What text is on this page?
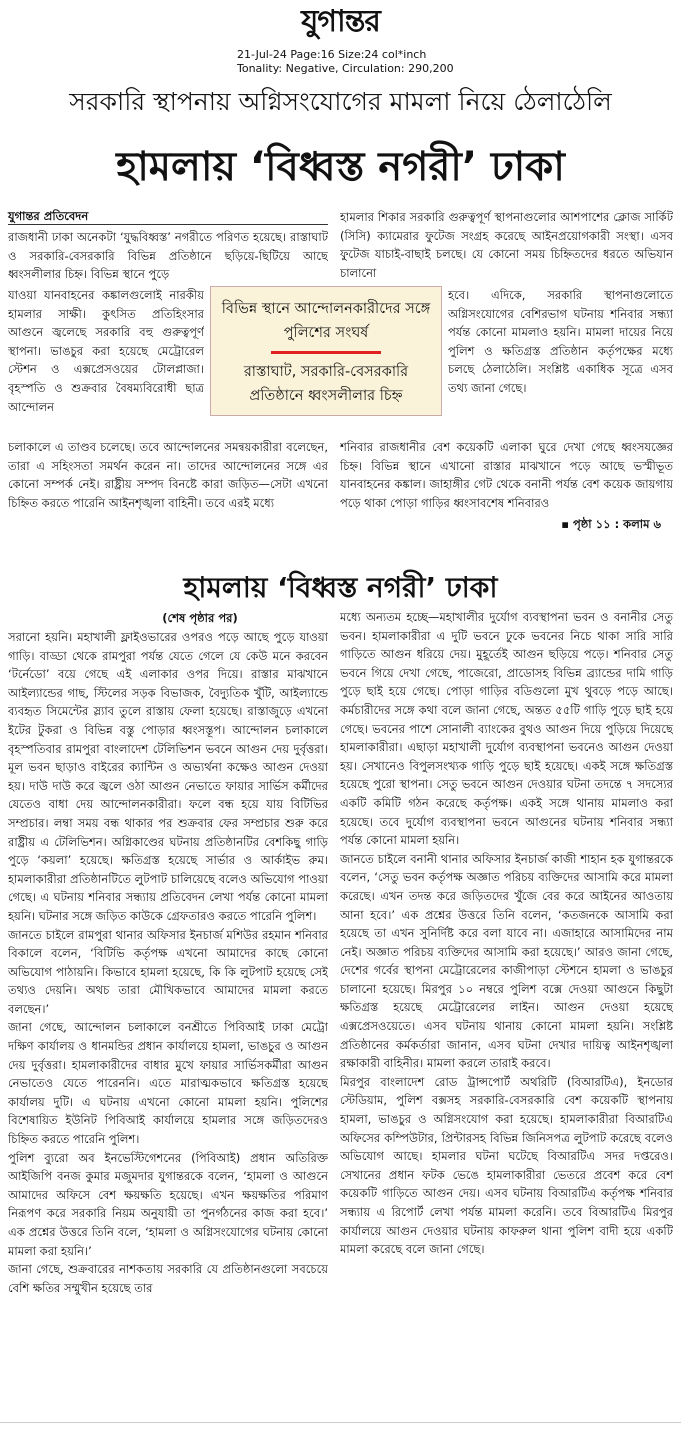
যুগান্তর
21-Jul-24 Page:16 Size:24 col*inch
Tonality: Negative, Circulation: 290,200
সরকারি স্থাপনায় অগ্নিসংযোগের মামলা নিয়ে ঠেলাঠেলি
হামলায় ‘বিধ্বস্ত নগরী’ ঢাকা
যুগান্তর প্রতিবেদন

রাজধানী ঢাকা অনেকটা ‘যুদ্ধবিধ্বস্ত’ নগরীতে পরিণত হয়েছে। রাস্তাঘাট ও সরকারি-বেসরকারি বিভিন্ন প্রতিষ্ঠানে ছড়িয়ে-ছিটিয়ে আছে ধ্বংসলীলার চিহ্ন। বিভিন্ন স্থানে পুড়ে

যাওয়া যানবাহনের কঙ্কালগুলোই নারকীয় হামলার সাক্ষী। কুৎসিত প্রতিহিংসার আগুনে জ্বলেছে সরকারি বহু গুরুত্বপূর্ণ স্থাপনা। ভাঙচুর করা হয়েছে মেট্রোরেল স্টেশন ও এক্সপ্রেসওয়ের টোলপ্লাজা। বৃহস্পতি ও শুক্রবার বৈষম্যবিরোধী ছাত্র আন্দোলন

চলাকালে এ তাণ্ডব চলেছে। তবে আন্দোলনের সমন্বয়কারীরা বলেছেন, তারা এ সহিংসতা সমর্থন করেন না। তাদের আন্দোলনের সঙ্গে এর কোনো সম্পর্ক নেই। রাষ্ট্রীয় সম্পদ বিনষ্টে কারা জড়িত—সেটা এখনো চিহ্নিত করতে পারেনি আইনশৃঙ্খলা বাহিনী। তবে এরই মধ্যে

বিভিন্ন স্থানে আন্দোলনকারীদের সঙ্গে পুলিশের সংঘর্ষ

রাস্তাঘাট, সরকারি-বেসরকারি প্রতিষ্ঠানে ধ্বংসলীলার চিহ্ন

হামলার শিকার সরকারি গুরুত্বপূর্ণ স্থাপনাগুলোর আশপাশের ক্লোজ সার্কিট (সিসি) ক্যামেরার ফুটেজ সংগ্রহ করেছে আইনপ্রয়োগকারী সংস্থা। এসব ফুটেজ যাচাই-বাছাই চলছে। যে কোনো সময় চিহ্নিতদের ধরতে অভিযান চালানো

হবে। এদিকে, সরকারি স্থাপনাগুলোতে অগ্নিসংযোগের বেশিরভাগ ঘটনায় শনিবার সন্ধ্যা পর্যন্ত কোনো মামলাও হয়নি। মামলা দায়ের নিয়ে পুলিশ ও ক্ষতিগ্রস্ত প্রতিষ্ঠান কর্তৃপক্ষের মধ্যে চলছে ঠেলাঠেলি। সংশ্লিষ্ট একাধিক সূত্রে এসব তথ্য জানা গেছে।

শনিবার রাজধানীর বেশ কয়েকটি এলাকা ঘুরে দেখা গেছে ধ্বংসযজ্ঞের চিহ্ন। বিভিন্ন স্থানে এখানো রাস্তার মাঝখানে পড়ে আছে ভস্মীভূত যানবাহনের কঙ্কাল। জাহাঙ্গীর গেট থেকে বনানী পর্যন্ত বেশ কয়েক জায়গায় পড়ে থাকা পোড়া গাড়ির ধ্বংসাবশেষ শনিবারও

▪ পৃষ্ঠা ১১ : কলাম ৬
হামলায় ‘বিধ্বস্ত নগরী’ ঢাকা
(শেষ পৃষ্ঠার পর)

সরানো হয়নি। মহাখালী ফ্লাইওভারের ওপরও পড়ে আছে পুড়ে যাওয়া গাড়ি। বাড্ডা থেকে রামপুরা পর্যন্ত যেতে গেলে যে কেউ মনে করবেন ‘টর্নেডো’ বয়ে গেছে এই এলাকার ওপর দিয়ে। রাস্তার মাঝখানে আইল্যান্ডের গাছ, স্টিলের সড়ক বিভাজক, বৈদ্যুতিক খুঁটি, আইল্যান্ডে ব্যবহৃত সিমেন্টের স্ল্যাব তুলে রাস্তায় ফেলা হয়েছে। রাস্তাজুড়ে এখনো ইটের টুকরা ও বিভিন্ন বস্তু পোড়ার ধ্বংসস্তূপ। আন্দোলন চলাকালে বৃহস্পতিবার রামপুরা বাংলাদেশ টেলিভিশন ভবনে আগুন দেয় দুর্বৃত্তরা। মূল ভবন ছাড়াও বাইরের ক্যান্টিন ও অভ্যর্থনা কক্ষেও আগুন দেওয়া হয়। দাউ দাউ করে জ্বলে ওঠা আগুন নেভাতে ফায়ার সার্ভিস কর্মীদের যেতেও বাধা দেয় আন্দোলনকারীরা। ফলে বন্ধ হয়ে যায় বিটিভির সম্প্রচার। লম্বা সময় বন্ধ থাকার পর শুক্রবার ফের সম্প্রচার শুরু করে রাষ্ট্রীয় এ টেলিভিশন। অগ্নিকাণ্ডের ঘটনায় প্রতিষ্ঠানটির বেশকিছু গাড়ি পুড়ে ‘কয়লা’ হয়েছে। ক্ষতিগ্রস্ত হয়েছে সার্ভার ও আর্কাইভ রুম। হামলাকারীরা প্রতিষ্ঠানটিতে লুটপাট চালিয়েছে বলেও অভিযোগ পাওয়া গেছে। এ ঘটনায় শনিবার সন্ধ্যায় প্রতিবেদন লেখা পর্যন্ত কোনো মামলা হয়নি। ঘটনার সঙ্গে জড়িত কাউকে গ্রেফতারও করতে পারেনি পুলিশ।

জানতে চাইলে রামপুরা থানার অফিসার ইনচার্জ মশিউর রহমান শনিবার বিকালে বলেন, ‘বিটিভি কর্তৃপক্ষ এখনো আমাদের কাছে কোনো অভিযোগ পাঠায়নি। কিভাবে হামলা হয়েছে, কি কি লুটপাট হয়েছে সেই তথ্যও দেয়নি। অথচ তারা মৌখিকভাবে আমাদের মামলা করতে বলছেন।’

জানা গেছে, আন্দোলন চলাকালে বনশ্রীতে পিবিআই ঢাকা মেট্রো দক্ষিণ কার্যালয় ও ধানমন্ডির প্রধান কার্যালয়ে হামলা, ভাঙচুর ও আগুন দেয় দুর্বৃত্তরা। হামলাকারীদের বাধার মুখে ফায়ার সার্ভিসকর্মীরা আগুন নেভাতেও যেতে পারেননি। এতে মারাত্মকভাবে ক্ষতিগ্রস্ত হয়েছে কার্যালয় দুটি। এ ঘটনায় এখনো কোনো মামলা হয়নি। পুলিশের বিশেষায়িত ইউনিট পিবিআই কার্যালয়ে হামলার সঙ্গে জড়িতদেরও চিহ্নিত করতে পারেনি পুলিশ।

পুলিশ ব্যুরো অব ইনভেস্টিগেশনের (পিবিআই) প্রধান অতিরিক্ত আইজিপি বনজ কুমার মজুমদার যুগান্তরকে বলেন, ‘হামলা ও আগুনে আমাদের অফিসে বেশ ক্ষয়ক্ষতি হয়েছে। এখন ক্ষয়ক্ষতির পরিমাণ নিরূপণ করে সরকারি নিয়ম অনুযায়ী তা পুনর্গঠনের কাজ করা হবে।’ এক প্রশ্নের উত্তরে তিনি বলে, ‘হামলা ও অগ্নিসংযোগের ঘটনায় কোনো মামলা করা হয়নি।’

জানা গেছে, শুক্রবারের নাশকতায় সরকারি যে প্রতিষ্ঠানগুলো সবচেয়ে বেশি ক্ষতির সম্মুখীন হয়েছে তার

মধ্যে অন্যতম হচ্ছে—মহাখালীর দুর্যোগ ব্যবস্থাপনা ভবন ও বনানীর সেতু ভবন। হামলাকারীরা এ দুটি ভবনে ঢুকে ভবনের নিচে থাকা সারি সারি গাড়িতে আগুন ধরিয়ে দেয়। মুহূর্তেই আগুন ছড়িয়ে পড়ে। শনিবার সেতু ভবনে গিয়ে দেখা গেছে, পাজেরো, প্রাডোসহ বিভিন্ন ব্র্যান্ডের দামি গাড়ি পুড়ে ছাই হয়ে গেছে। পোড়া গাড়ির বডিগুলো মুখ থুবড়ে পড়ে আছে। কর্মচারীদের সঙ্গে কথা বলে জানা গেছে, অন্তত ৫৫টি গাড়ি পুড়ে ছাই হয়ে গেছে। ভবনের পাশে সোনালী ব্যাংকের বুথও আগুন দিয়ে পুড়িয়ে দিয়েছে হামলাকারীরা। এছাড়া মহাখালী দুর্যোগ ব্যবস্থাপনা ভবনেও আগুন দেওয়া হয়। সেখানেও বিপুলসংখ্যক গাড়ি পুড়ে ছাই হয়েছে। একই সঙ্গে ক্ষতিগ্রস্ত হয়েছে পুরো স্থাপনা। সেতু ভবনে আগুন দেওয়ার ঘটনা তদন্তে ৭ সদস্যের একটি কমিটি গঠন করেছে কর্তৃপক্ষ। একই সঙ্গে থানায় মামলাও করা হয়েছে। তবে দুর্যোগ ব্যবস্থাপনা ভবনে আগুনের ঘটনায় শনিবার সন্ধ্যা পর্যন্ত কোনো মামলা হয়নি।

জানতে চাইলে বনানী থানার অফিসার ইনচার্জ কাজী শাহান হক যুগান্তরকে বলেন, ‘সেতু ভবন কর্তৃপক্ষ অজ্ঞাত পরিচয় ব্যক্তিদের আসামি করে মামলা করেছে। এখন তদন্ত করে জড়িতদের খুঁজে বের করে আইনের আওতায় আনা হবে।’ এক প্রশ্নের উত্তরে তিনি বলেন, ‘কতজনকে আসামি করা হয়েছে তা এখন সুনির্দিষ্ট করে বলা যাবে না। এজাহারে আসামিদের নাম নেই। অজ্ঞাত পরিচয় ব্যক্তিদের আসামি করা হয়েছে।’ আরও জানা গেছে, দেশের গর্বের স্থাপনা মেট্রোরেলের কাজীপাড়া স্টেশনে হামলা ও ভাঙচুর চালানো হয়েছে। মিরপুর ১০ নম্বরে পুলিশ বক্সে দেওয়া আগুনে কিছুটা ক্ষতিগ্রস্ত হয়েছে মেট্রোরেলের লাইন। আগুন দেওয়া হয়েছে এক্সপ্রেসওয়েতে। এসব ঘটনায় থানায় কোনো মামলা হয়নি। সংশ্লিষ্ট প্রতিষ্ঠানের কর্মকর্তারা জানান, এসব ঘটনা দেখার দায়িত্ব আইনশৃঙ্খলা রক্ষাকারী বাহিনীর। মামলা করলে তারাই করবে।

মিরপুর বাংলাদেশ রোড ট্রান্সপোর্ট অথরিটি (বিআরটিএ), ইনডোর স্টেডিয়াম, পুলিশ বক্সসহ সরকারি-বেসরকারি বেশ কয়েকটি স্থাপনায় হামলা, ভাঙচুর ও অগ্নিসংযোগ করা হয়েছে। হামলাকারীরা বিআরটিএ অফিসের কম্পিউটার, প্রিন্টারসহ বিভিন্ন জিনিসপত্র লুটপাট করেছে বলেও অভিযোগ আছে। হামলার ঘটনা ঘটেছে বিআরটিএ সদর দপ্তরেও। সেখানের প্রধান ফটক ভেঙে হামলাকারীরা ভেতরে প্রবেশ করে বেশ কয়েকটি গাড়িতে আগুন দেয়। এসব ঘটনায় বিআরটিএ কর্তৃপক্ষ শনিবার সন্ধ্যায় এ রিপোর্ট লেখা পর্যন্ত মামলা করেনি। তবে বিআরটিএ মিরপুর কার্যালয়ে আগুন দেওয়ার ঘটনায় কাফরুল থানা পুলিশ বাদী হয়ে একটি মামলা করেছে বলে জানা গেছে।
